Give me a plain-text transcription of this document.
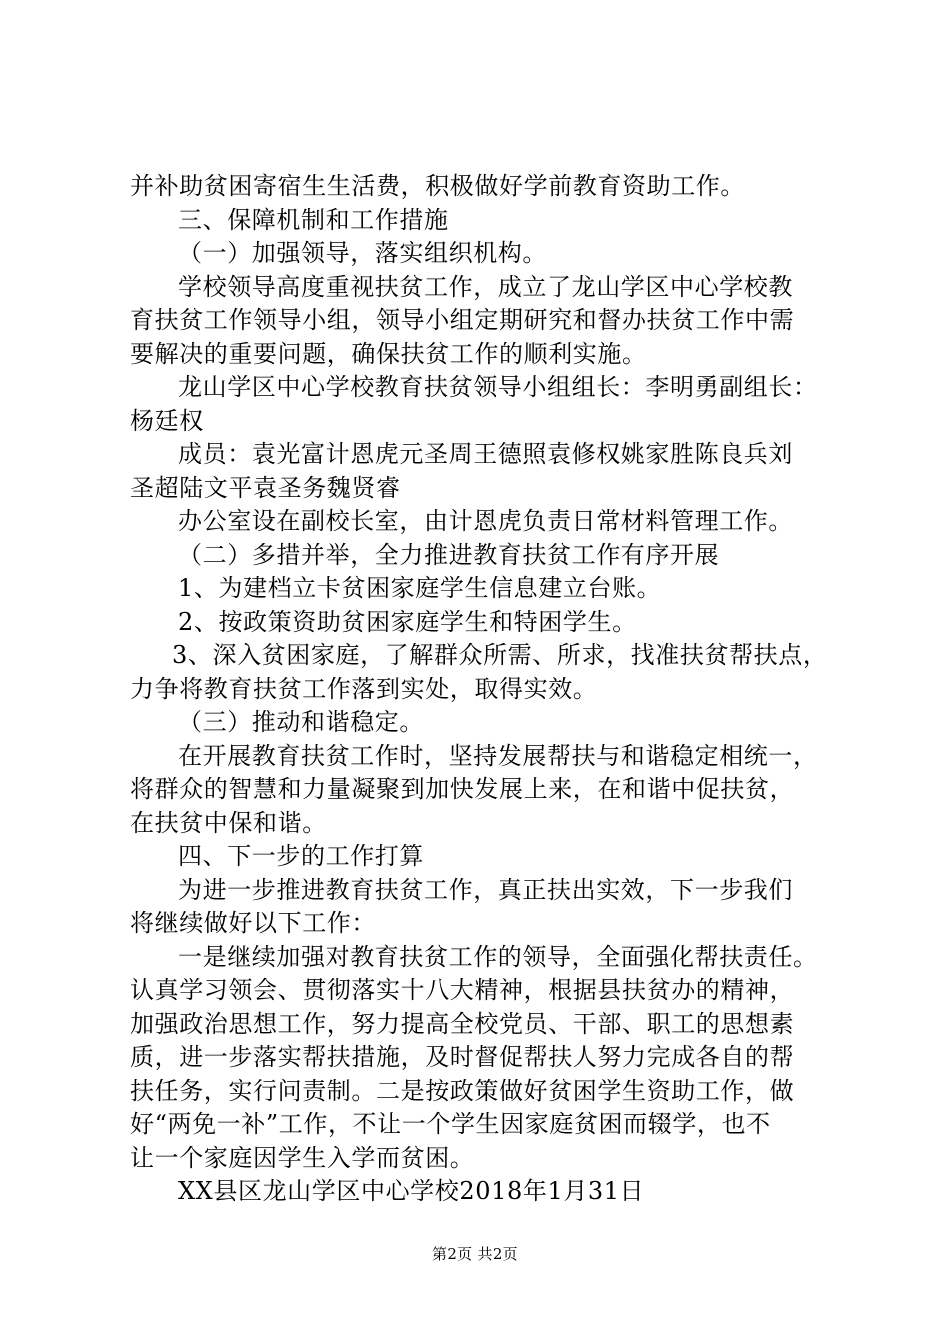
并补助贫困寄宿生生活费，积极做好学前教育资助工作。

三、保障机制和工作措施

（一）加强领导，落实组织机构。

学校领导高度重视扶贫工作，成立了龙山学区中心学校教

育扶贫工作领导小组，领导小组定期研究和督办扶贫工作中需

要解决的重要问题，确保扶贫工作的顺利实施。

龙山学区中心学校教育扶贫领导小组组长：李明勇副组长：

杨廷权

成员：袁光富计恩虎元圣周王德照袁修权姚家胜陈良兵刘

圣超陆文平袁圣务魏贤睿

办公室设在副校长室，由计恩虎负责日常材料管理工作。

（二）多措并举，全力推进教育扶贫工作有序开展

1、为建档立卡贫困家庭学生信息建立台账。

2、按政策资助贫困家庭学生和特困学生。

3、深入贫困家庭，了解群众所需、所求，找准扶贫帮扶点，

力争将教育扶贫工作落到实处，取得实效。

（三）推动和谐稳定。

在开展教育扶贫工作时，坚持发展帮扶与和谐稳定相统一，

将群众的智慧和力量凝聚到加快发展上来，在和谐中促扶贫，

在扶贫中保和谐。

四、下一步的工作打算

为进一步推进教育扶贫工作，真正扶出实效，下一步我们

将继续做好以下工作：

一是继续加强对教育扶贫工作的领导，全面强化帮扶责任。

认真学习领会、贯彻落实十八大精神，根据县扶贫办的精神，

加强政治思想工作，努力提高全校党员、干部、职工的思想素

质，进一步落实帮扶措施，及时督促帮扶人努力完成各自的帮

扶任务，实行问责制。二是按政策做好贫困学生资助工作，做

好“两免一补”工作，不让一个学生因家庭贫困而辍学，也不

让一个家庭因学生入学而贫困。

XX县区龙山学区中心学校2018年1月31日

第2页 共2页
